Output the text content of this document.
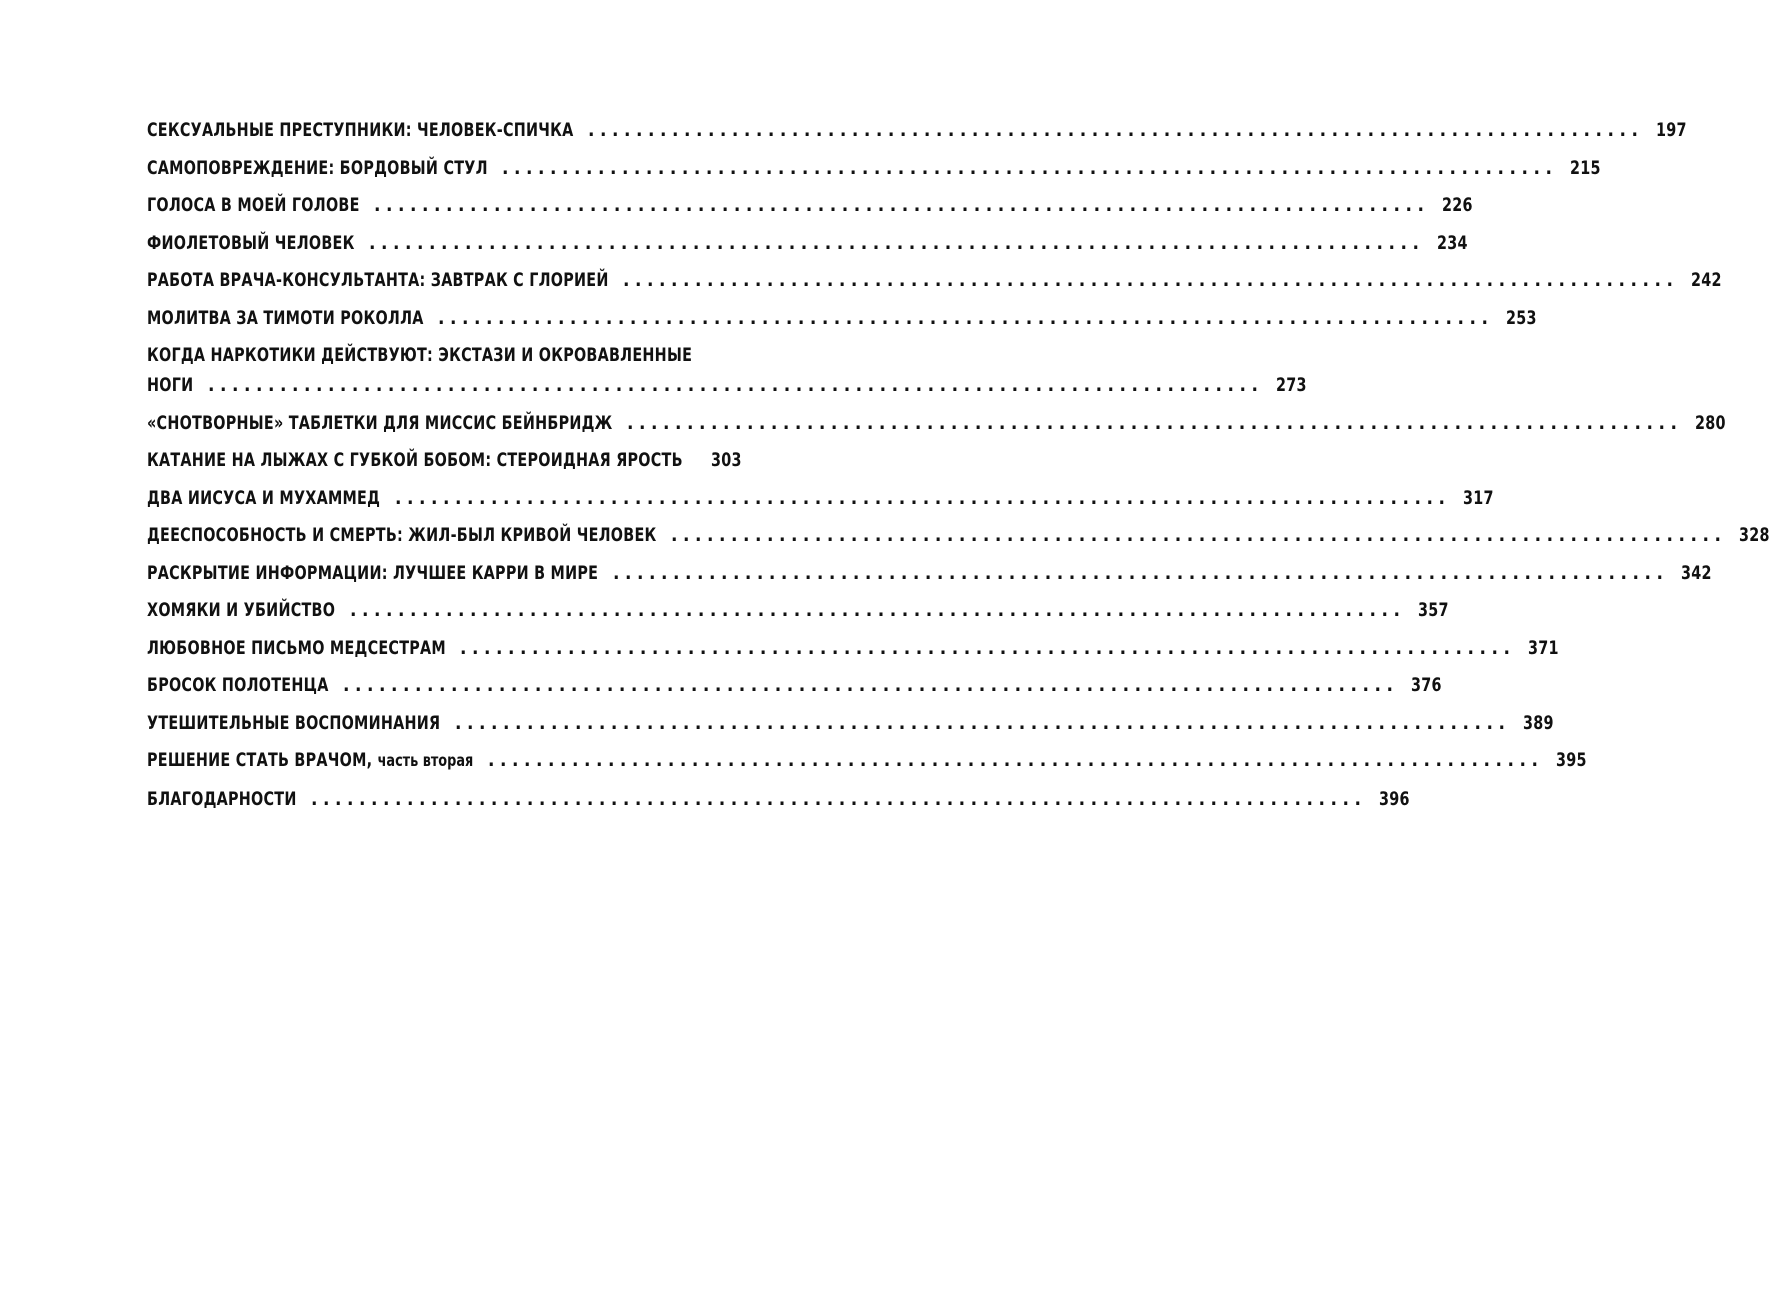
СЕКСУАЛЬНЫЕ ПРЕСТУПНИКИ: ЧЕЛОВЕК-СПИЧКА ........................................................................................ 197
САМОПОВРЕЖДЕНИЕ: БОРДОВЫЙ СТУЛ ........................................................................................ 215
ГОЛОСА В МОЕЙ ГОЛОВЕ ........................................................................................ 226
ФИОЛЕТОВЫЙ ЧЕЛОВЕК ........................................................................................ 234
РАБОТА ВРАЧА-КОНСУЛЬТАНТА: ЗАВТРАК С ГЛОРИЕЙ ........................................................................................ 242
МОЛИТВА ЗА ТИМОТИ РОКОЛЛА ........................................................................................ 253
КОГДА НАРКОТИКИ ДЕЙСТВУЮТ: ЭКСТАЗИ И ОКРОВАВЛЕННЫЕ
НОГИ ........................................................................................ 273
«СНОТВОРНЫЕ» ТАБЛЕТКИ ДЛЯ МИССИС БЕЙНБРИДЖ ........................................................................................ 280
КАТАНИЕ НА ЛЫЖАХ С ГУБКОЙ БОБОМ: СТЕРОИДНАЯ ЯРОСТЬ 303
ДВА ИИСУСА И МУХАММЕД ........................................................................................ 317
ДЕЕСПОСОБНОСТЬ И СМЕРТЬ: ЖИЛ-БЫЛ КРИВОЙ ЧЕЛОВЕК ........................................................................................ 328
РАСКРЫТИЕ ИНФОРМАЦИИ: ЛУЧШЕЕ КАРРИ В МИРЕ ........................................................................................ 342
ХОМЯКИ И УБИЙСТВО ........................................................................................ 357
ЛЮБОВНОЕ ПИСЬМО МЕДСЕСТРАМ ........................................................................................ 371
БРОСОК ПОЛОТЕНЦА ........................................................................................ 376
УТЕШИТЕЛЬНЫЕ ВОСПОМИНАНИЯ ........................................................................................ 389
РЕШЕНИЕ СТАТЬ ВРАЧОМ, часть вторая ........................................................................................ 395
БЛАГОДАРНОСТИ ........................................................................................ 396
